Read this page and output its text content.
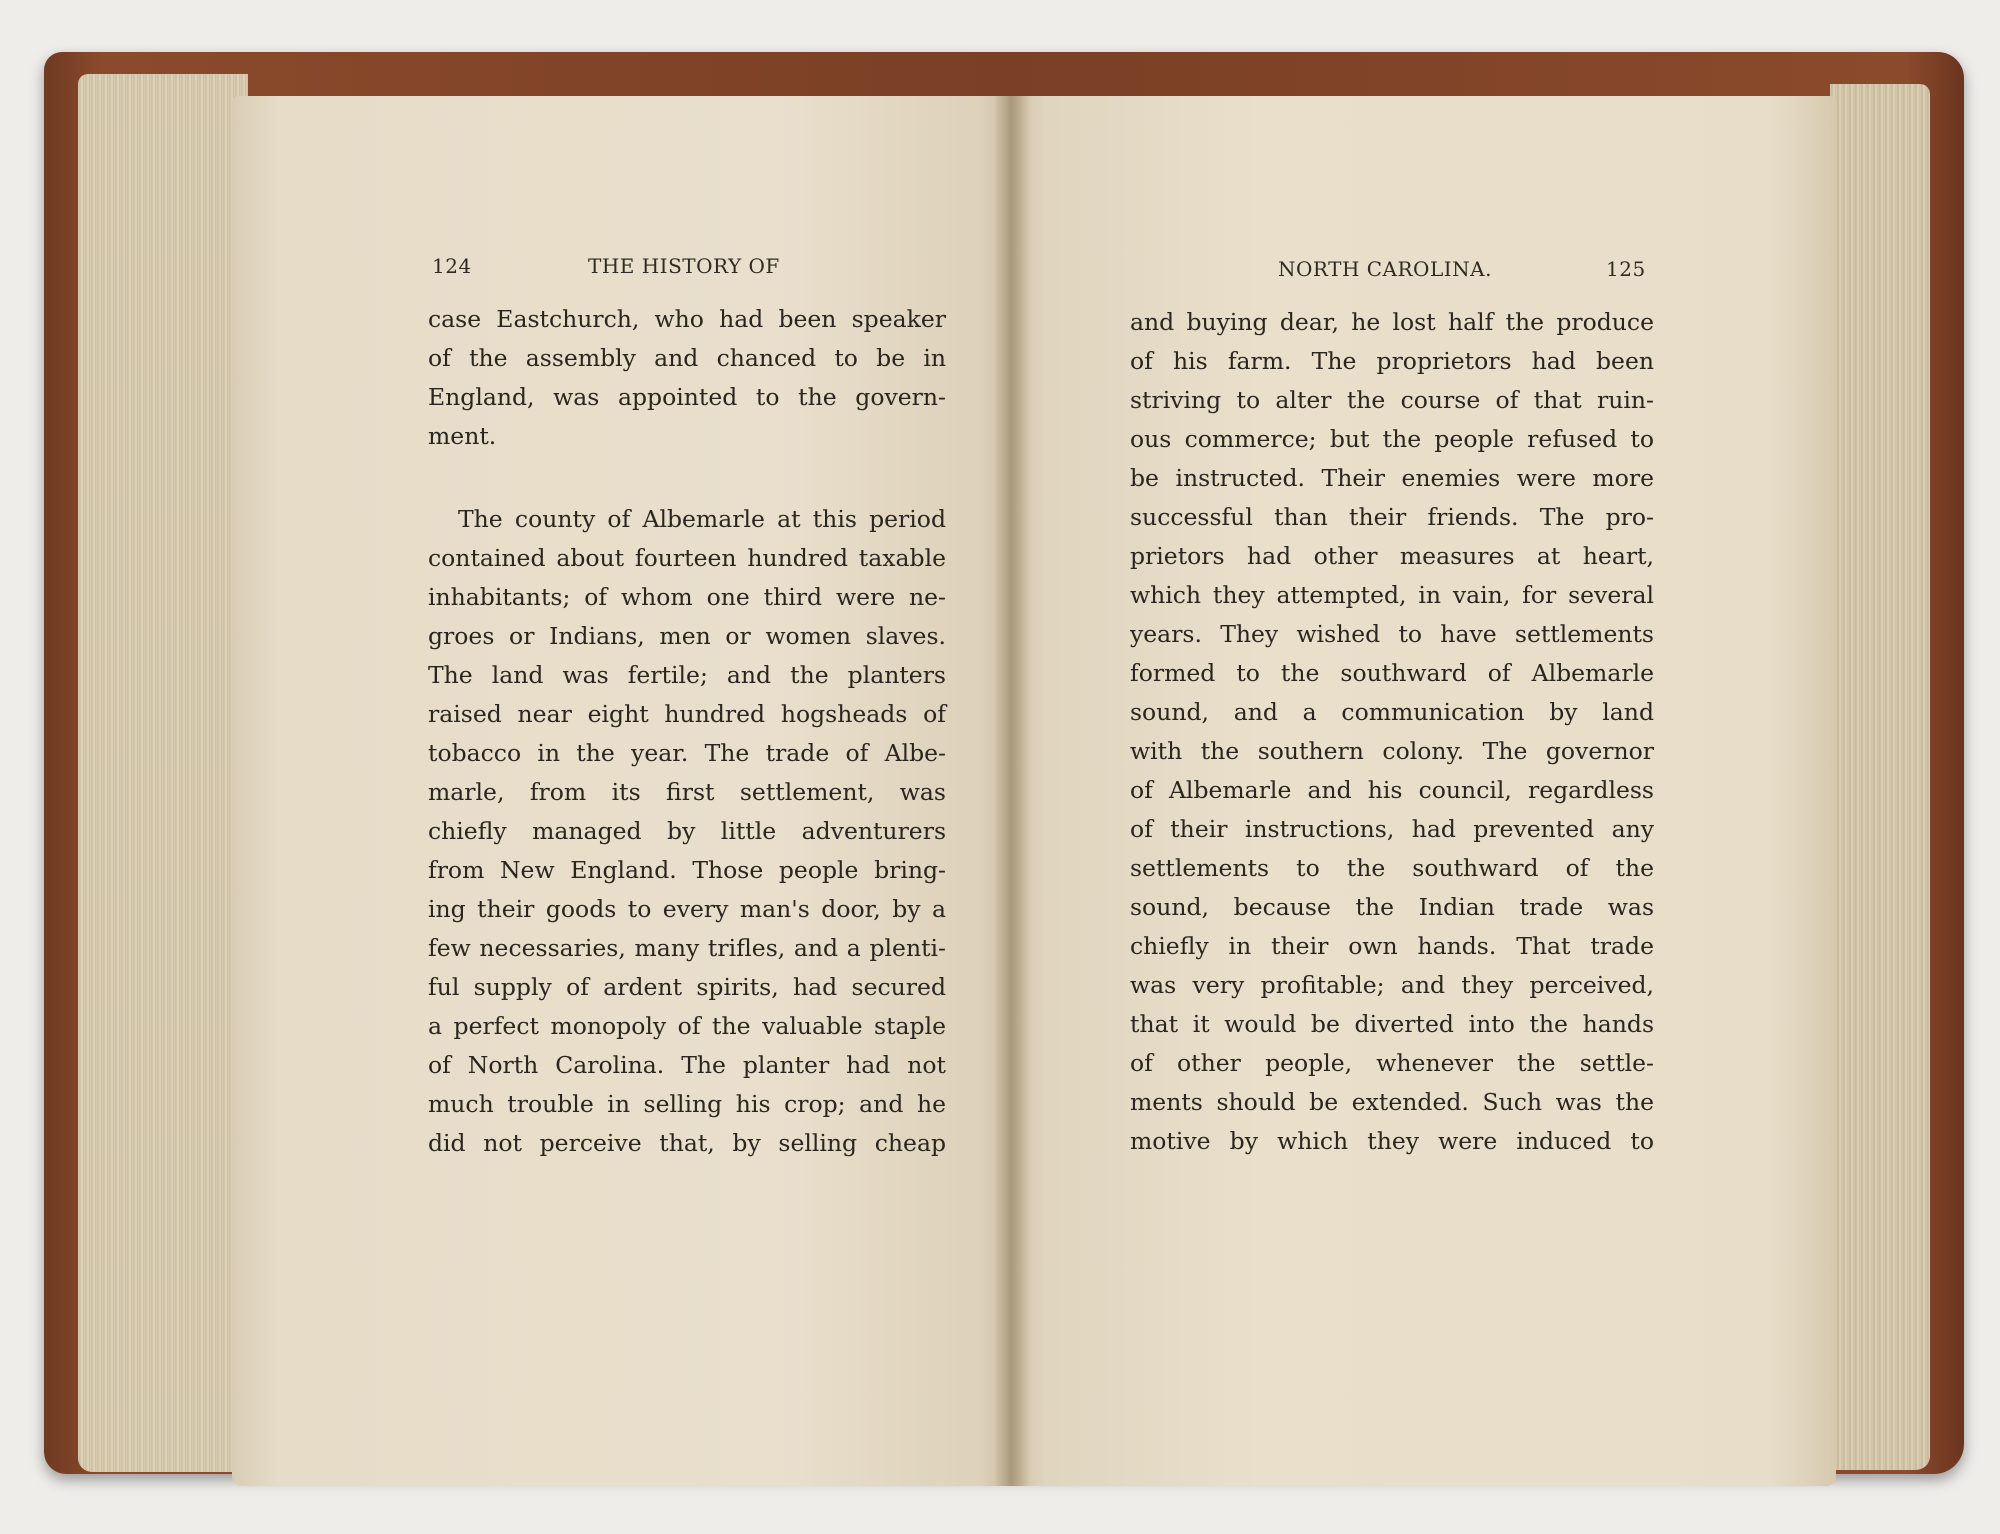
124	THE HISTORY OF
case Eastchurch, who had been speaker
of the assembly and chanced to be in
England, was appointed to the govern-
ment.
The county of Albemarle at this period
contained about fourteen hundred taxable
inhabitants; of whom one third were ne-
groes or Indians, men or women slaves.
The land was fertile; and the planters
raised near eight hundred hogsheads of
tobacco in the year. The trade of Albe-
marle, from its first settlement, was
chiefly managed by little adventurers
from New England. Those people bring-
ing their goods to every man's door, by a
few necessaries, many trifles, and a plenti-
ful supply of ardent spirits, had secured
a perfect monopoly of the valuable staple
of North Carolina. The planter had not
much trouble in selling his crop; and he
did not perceive that, by selling cheap
NORTH CAROLINA.	125
and buying dear, he lost half the produce
of his farm. The proprietors had been
striving to alter the course of that ruin-
ous commerce; but the people refused to
be instructed. Their enemies were more
successful than their friends. The pro-
prietors had other measures at heart,
which they attempted, in vain, for several
years. They wished to have settlements
formed to the southward of Albemarle
sound, and a communication by land
with the southern colony. The governor
of Albemarle and his council, regardless
of their instructions, had prevented any
settlements to the southward of the
sound, because the Indian trade was
chiefly in their own hands. That trade
was very profitable; and they perceived,
that it would be diverted into the hands
of other people, whenever the settle-
ments should be extended. Such was the
motive by which they were induced to
